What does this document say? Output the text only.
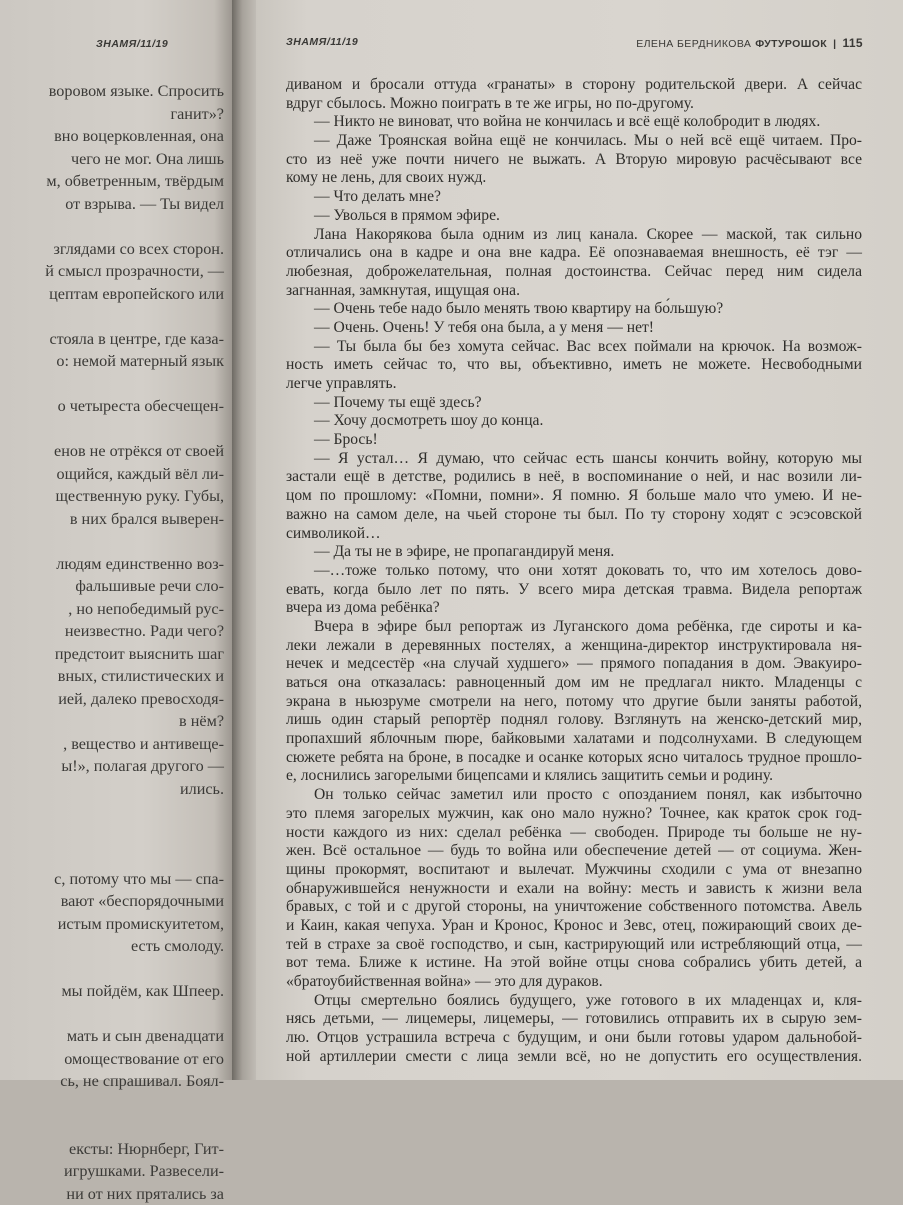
ЗНАМЯ/11/19
воровом языке. Спросить
ганит»?
вно воцерковленная, она
чего не мог. Она лишь
м, обветренным, твёрдым
от взрыва. — Ты видел
зглядами со всех сторон.
й смысл прозрачности, —
цептам европейского или
стояла в центре, где каза-
о: немой матерный язык
о четыреста обесчещен-
енов не отрёкся от своей
ощийся, каждый вёл ли-
щественную руку. Губы,
в них брался выверен-
людям единственно воз-
фальшивые речи сло-
, но непобедимый рус-
неизвестно. Ради чего?
предстоит выяснить шаг
вных, стилистических и
ией, далеко превосходя-
в нём?
, вещество и антивеще-
ы!», полагая другого —
ились.
с, потому что мы — спа-
вают «беспорядочными
истым промискуитетом,
есть смолоду.
мы пойдём, как Шпеер.
мать и сын двенадцати
омоществование от его
сь, не спрашивал. Боял-
ексты: Нюрнберг, Гит-
игрушками. Развесели-
ни от них прятались за
ЗНАМЯ/11/19	ЕЛЕНА БЕРДНИКОВА ФУТУРОШОК | 115
диваном и бросали оттуда «гранаты» в сторону родительской двери. А сейчас
вдруг сбылось. Можно поиграть в те же игры, но по-другому.
— Никто не виноват, что война не кончилась и всё ещё колобродит в людях.
— Даже Троянская война ещё не кончилась. Мы о ней всё ещё читаем. Про-
сто из неё уже почти ничего не выжать. А Вторую мировую расчёсывают все
кому не лень, для своих нужд.
— Что делать мне?
— Уволься в прямом эфире.
Лана Накорякова была одним из лиц канала. Скорее — маской, так сильно
отличались она в кадре и она вне кадра. Её опознаваемая внешность, её тэг —
любезная, доброжелательная, полная достоинства. Сейчас перед ним сидела
загнанная, замкнутая, ищущая она.
— Очень тебе надо было менять твою квартиру на бо́льшую?
— Очень. Очень! У тебя она была, а у меня — нет!
— Ты была бы без хомута сейчас. Вас всех поймали на крючок. На возмож-
ность иметь сейчас то, что вы, объективно, иметь не можете. Несвободными
легче управлять.
— Почему ты ещё здесь?
— Хочу досмотреть шоу до конца.
— Брось!
— Я устал… Я думаю, что сейчас есть шансы кончить войну, которую мы
застали ещё в детстве, родились в неё, в воспоминание о ней, и нас возили ли-
цом по прошлому: «Помни, помни». Я помню. Я больше мало что умею. И не-
важно на самом деле, на чьей стороне ты был. По ту сторону ходят с эсэсовской
символикой…
— Да ты не в эфире, не пропагандируй меня.
—…тоже только потому, что они хотят доковать то, что им хотелось дово-
евать, когда было лет по пять. У всего мира детская травма. Видела репортаж
вчера из дома ребёнка?
Вчера в эфире был репортаж из Луганского дома ребёнка, где сироты и ка-
леки лежали в деревянных постелях, а женщина-директор инструктировала ня-
нечек и медсестёр «на случай худшего» — прямого попадания в дом. Эвакуиро-
ваться она отказалась: равноценный дом им не предлагал никто. Младенцы с
экрана в ньюзруме смотрели на него, потому что другие были заняты работой,
лишь один старый репортёр поднял голову. Взглянуть на женско-детский мир,
пропахший яблочным пюре, байковыми халатами и подсолнухами. В следующем
сюжете ребята на броне, в посадке и осанке которых ясно читалось трудное прошло-
е, лоснились загорелыми бицепсами и клялись защитить семьи и родину.
Он только сейчас заметил или просто с опозданием понял, как избыточно
это племя загорелых мужчин, как оно мало нужно? Точнее, как краток срок год-
ности каждого из них: сделал ребёнка — свободен. Природе ты больше не ну-
жен. Всё остальное — будь то война или обеспечение детей — от социума. Жен-
щины прокормят, воспитают и вылечат. Мужчины сходили с ума от внезапно
обнаружившейся ненужности и ехали на войну: месть и зависть к жизни вела
бравых, с той и с другой стороны, на уничтожение собственного потомства. Авель
и Каин, какая чепуха. Уран и Кронос, Кронос и Зевс, отец, пожирающий своих де-
тей в страхе за своё господство, и сын, кастрирующий или истребляющий отца, —
вот тема. Ближе к истине. На этой войне отцы снова собрались убить детей, а
«братоубийственная война» — это для дураков.
Отцы смертельно боялись будущего, уже готового в их младенцах и, кля-
нясь детьми, — лицемеры, лицемеры, — готовились отправить их в сырую зем-
лю. Отцов устрашила встреча с будущим, и они были готовы ударом дальнобой-
ной артиллерии смести с лица земли всё, но не допустить его осуществления.
